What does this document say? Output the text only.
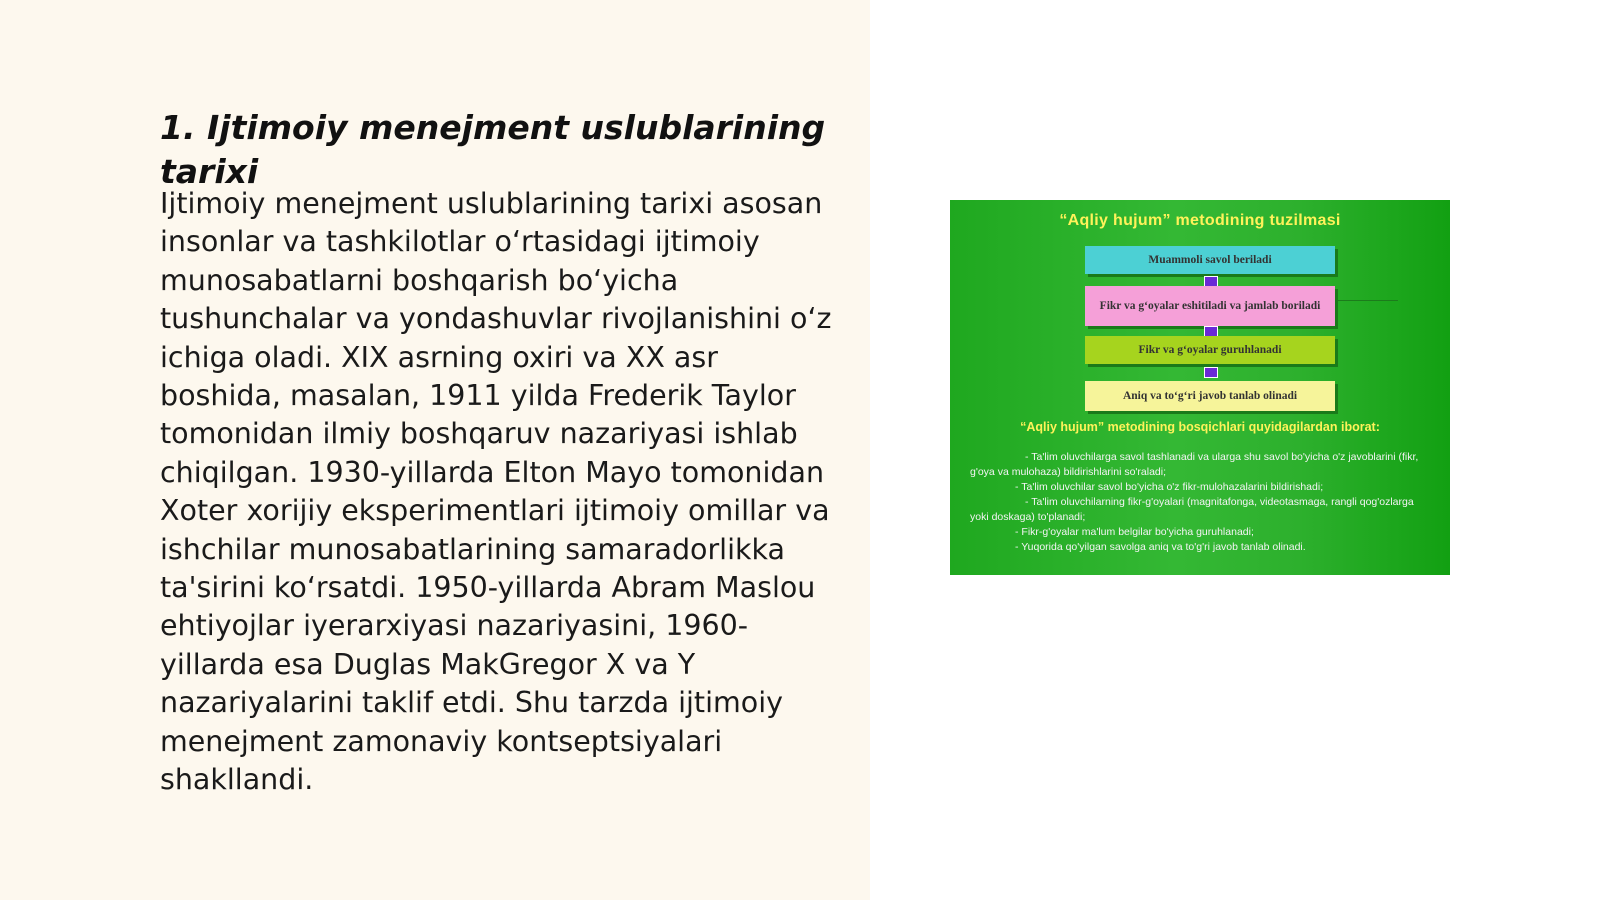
1. Ijtimoiy menejment uslublarining tarixi

Ijtimoiy menejment uslublarining tarixi asosan insonlar va tashkilotlar o‘rtasidagi ijtimoiy munosabatlarni boshqarish bo‘yicha tushunchalar va yondashuvlar rivojlanishini o‘z ichiga oladi. XIX asrning oxiri va XX asr boshida, masalan, 1911 yilda Frederik Taylor tomonidan ilmiy boshqaruv nazariyasi ishlab chiqilgan. 1930-yillarda Elton Mayo tomonidan Xoter xorijiy eksperimentlari ijtimoiy omillar va ishchilar munosabatlarining samaradorlikka ta'sirini ko‘rsatdi. 1950-yillarda Abram Maslou ehtiyojlar iyerarxiyasi nazariyasini, 1960-yillarda esa Duglas MakGregor X va Y nazariyalarini taklif etdi. Shu tarzda ijtimoiy menejment zamonaviy kontseptsiyalari shakllandi.

“Aqliy hujum” metodining tuzilmasi
Muammoli savol beriladi
Fikr va g‘oyalar eshitiladi va jamlab boriladi
Fikr va g‘oyalar guruhlanadi
Aniq va to‘g‘ri javob tanlab olinadi
“Aqliy hujum” metodining bosqichlari quyidagilardan iborat:
- Ta'lim oluvchilarga savol tashlanadi va ularga shu savol bo'yicha o'z javoblarini (fikr, g'oya va mulohaza) bildirishlarini so'raladi;
- Ta'lim oluvchilar savol bo'yicha o'z fikr-mulohazalarini bildirishadi;
- Ta'lim oluvchilarning fikr-g'oyalari (magnitafonga, videotasmaga, rangli qog'ozlarga yoki doskaga) to'planadi;
- Fikr-g'oyalar ma'lum belgilar bo'yicha guruhlanadi;
- Yuqorida qo'yilgan savolga aniq va to'g'ri javob tanlab olinadi.
